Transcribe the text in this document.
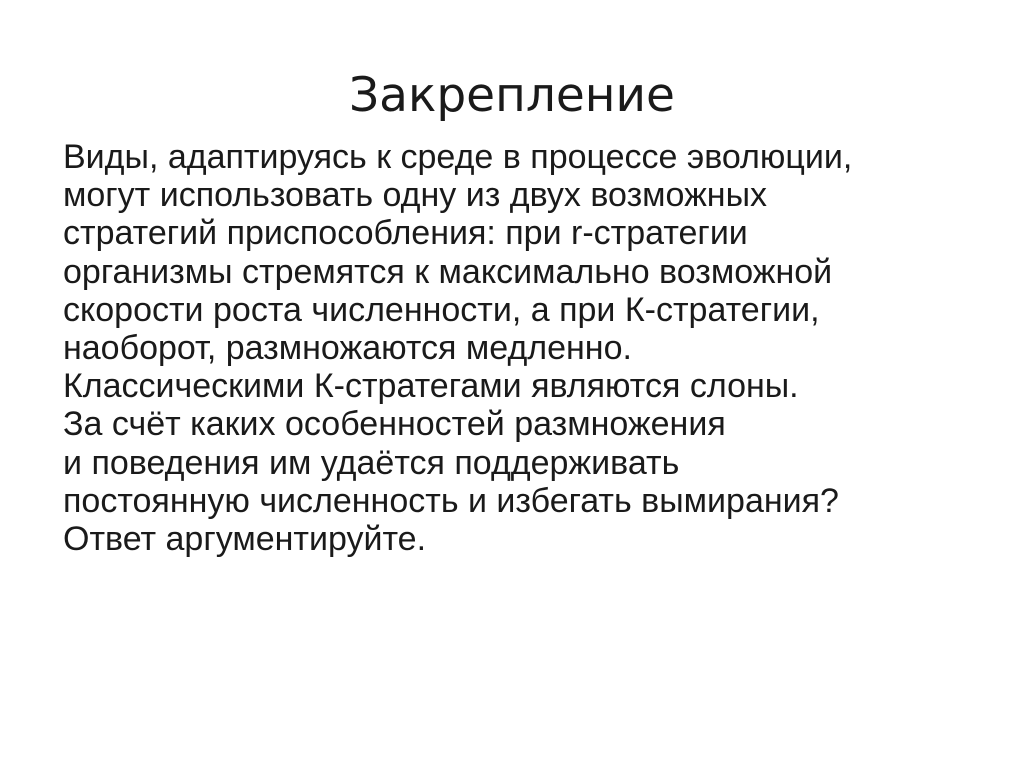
Закрепление
Виды, адаптируясь к среде в процессе эволюции,
могут использовать одну из двух возможных
стратегий приспособления: при r-стратегии
организмы стремятся к максимально возможной
скорости роста численности, а при К-стратегии,
наоборот, размножаются медленно.
Классическими К-стратегами являются слоны.
За счёт каких особенностей размножения
и поведения им удаётся поддерживать
постоянную численность и избегать вымирания?
Ответ аргументируйте.
